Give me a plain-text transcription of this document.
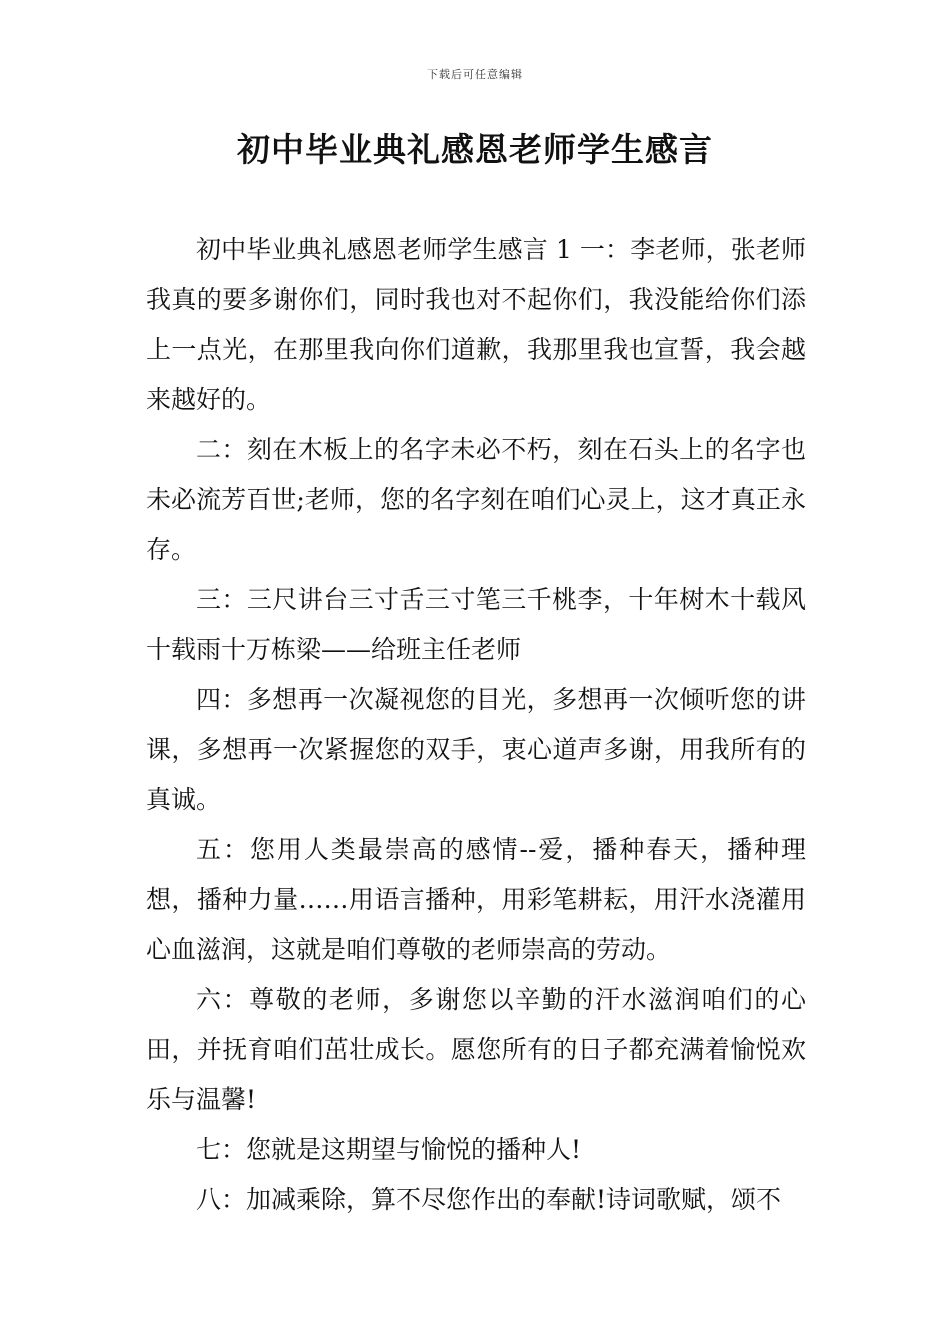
下载后可任意编辑
初中毕业典礼感恩老师学生感言

初中毕业典礼感恩老师学生感言 1 一：李老师，张老师我真的要多谢你们，同时我也对不起你们，我没能给你们添上一点光，在那里我向你们道歉，我那里我也宣誓，我会越来越好的。

二：刻在木板上的名字未必不朽，刻在石头上的名字也未必流芳百世;老师，您的名字刻在咱们心灵上，这才真正永存。

三：三尺讲台三寸舌三寸笔三千桃李，十年树木十载风十载雨十万栋梁——给班主任老师

四：多想再一次凝视您的目光，多想再一次倾听您的讲课，多想再一次紧握您的双手，衷心道声多谢，用我所有的真诚。

五：您用人类最崇高的感情--爱，播种春天，播种理想，播种力量……用语言播种，用彩笔耕耘，用汗水浇灌用心血滋润，这就是咱们尊敬的老师崇高的劳动。

六：尊敬的老师，多谢您以辛勤的汗水滋润咱们的心田，并抚育咱们茁壮成长。愿您所有的日子都充满着愉悦欢乐与温馨!

七：您就是这期望与愉悦的播种人!

八：加减乘除，算不尽您作出的奉献!诗词歌赋，颂不
